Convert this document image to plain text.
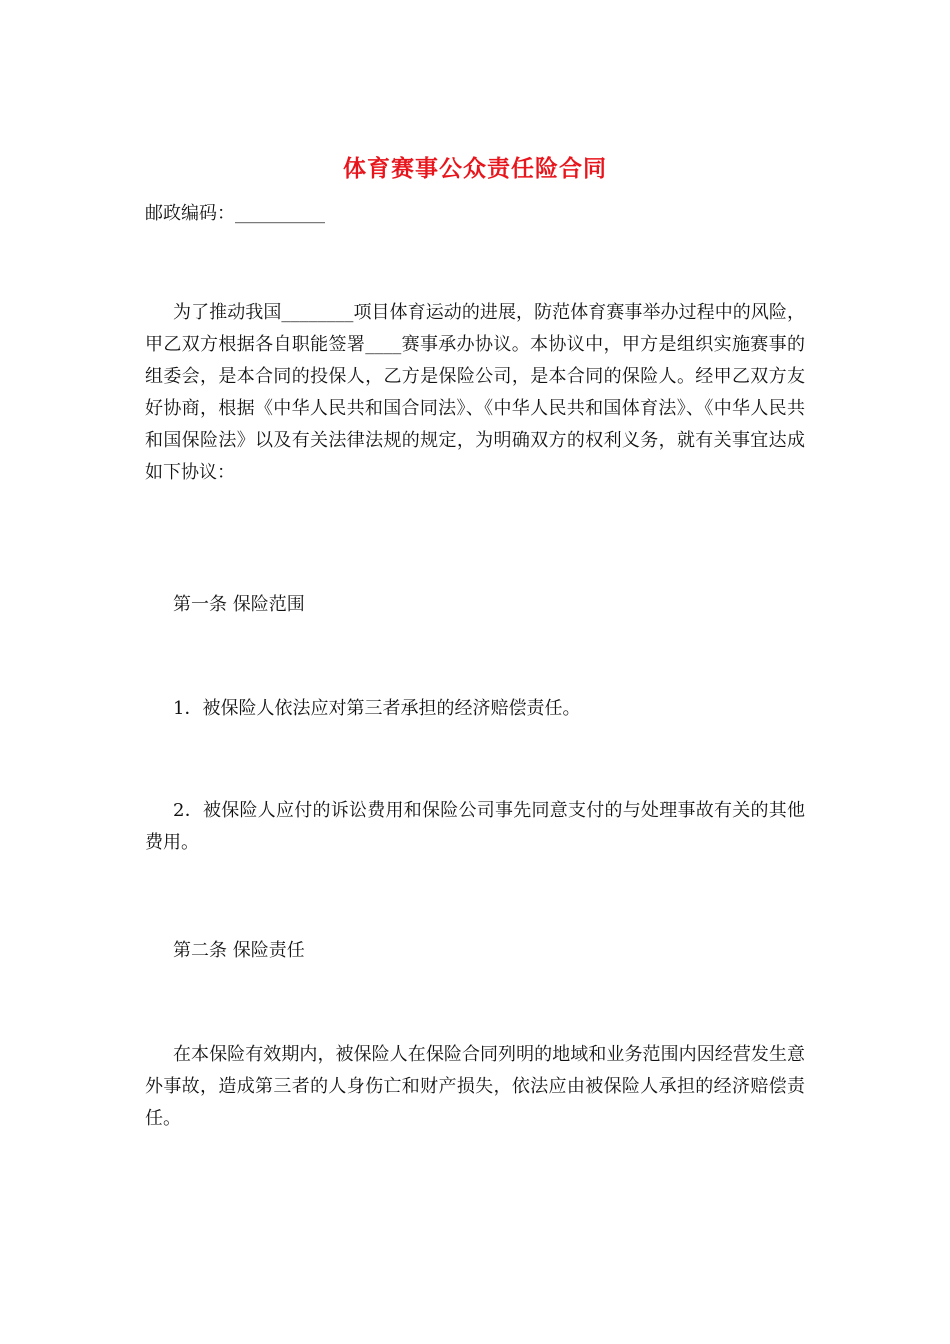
体育赛事公众责任险合同
邮政编码：__________
为了推动我国________项目体育运动的进展，防范体育赛事举办过程中的风险，甲乙双方根据各自职能签署____赛事承办协议。本协议中，甲方是组织实施赛事的组委会，是本合同的投保人，乙方是保险公司，是本合同的保险人。经甲乙双方友好协商，根据《中华人民共和国合同法》、《中华人民共和国体育法》、《中华人民共和国保险法》以及有关法律法规的规定，为明确双方的权利义务，就有关事宜达成如下协议：
第一条 保险范围
1．被保险人依法应对第三者承担的经济赔偿责任。
2．被保险人应付的诉讼费用和保险公司事先同意支付的与处理事故有关的其他费用。
第二条 保险责任
在本保险有效期内，被保险人在保险合同列明的地域和业务范围内因经营发生意外事故，造成第三者的人身伤亡和财产损失，依法应由被保险人承担的经济赔偿责任。
